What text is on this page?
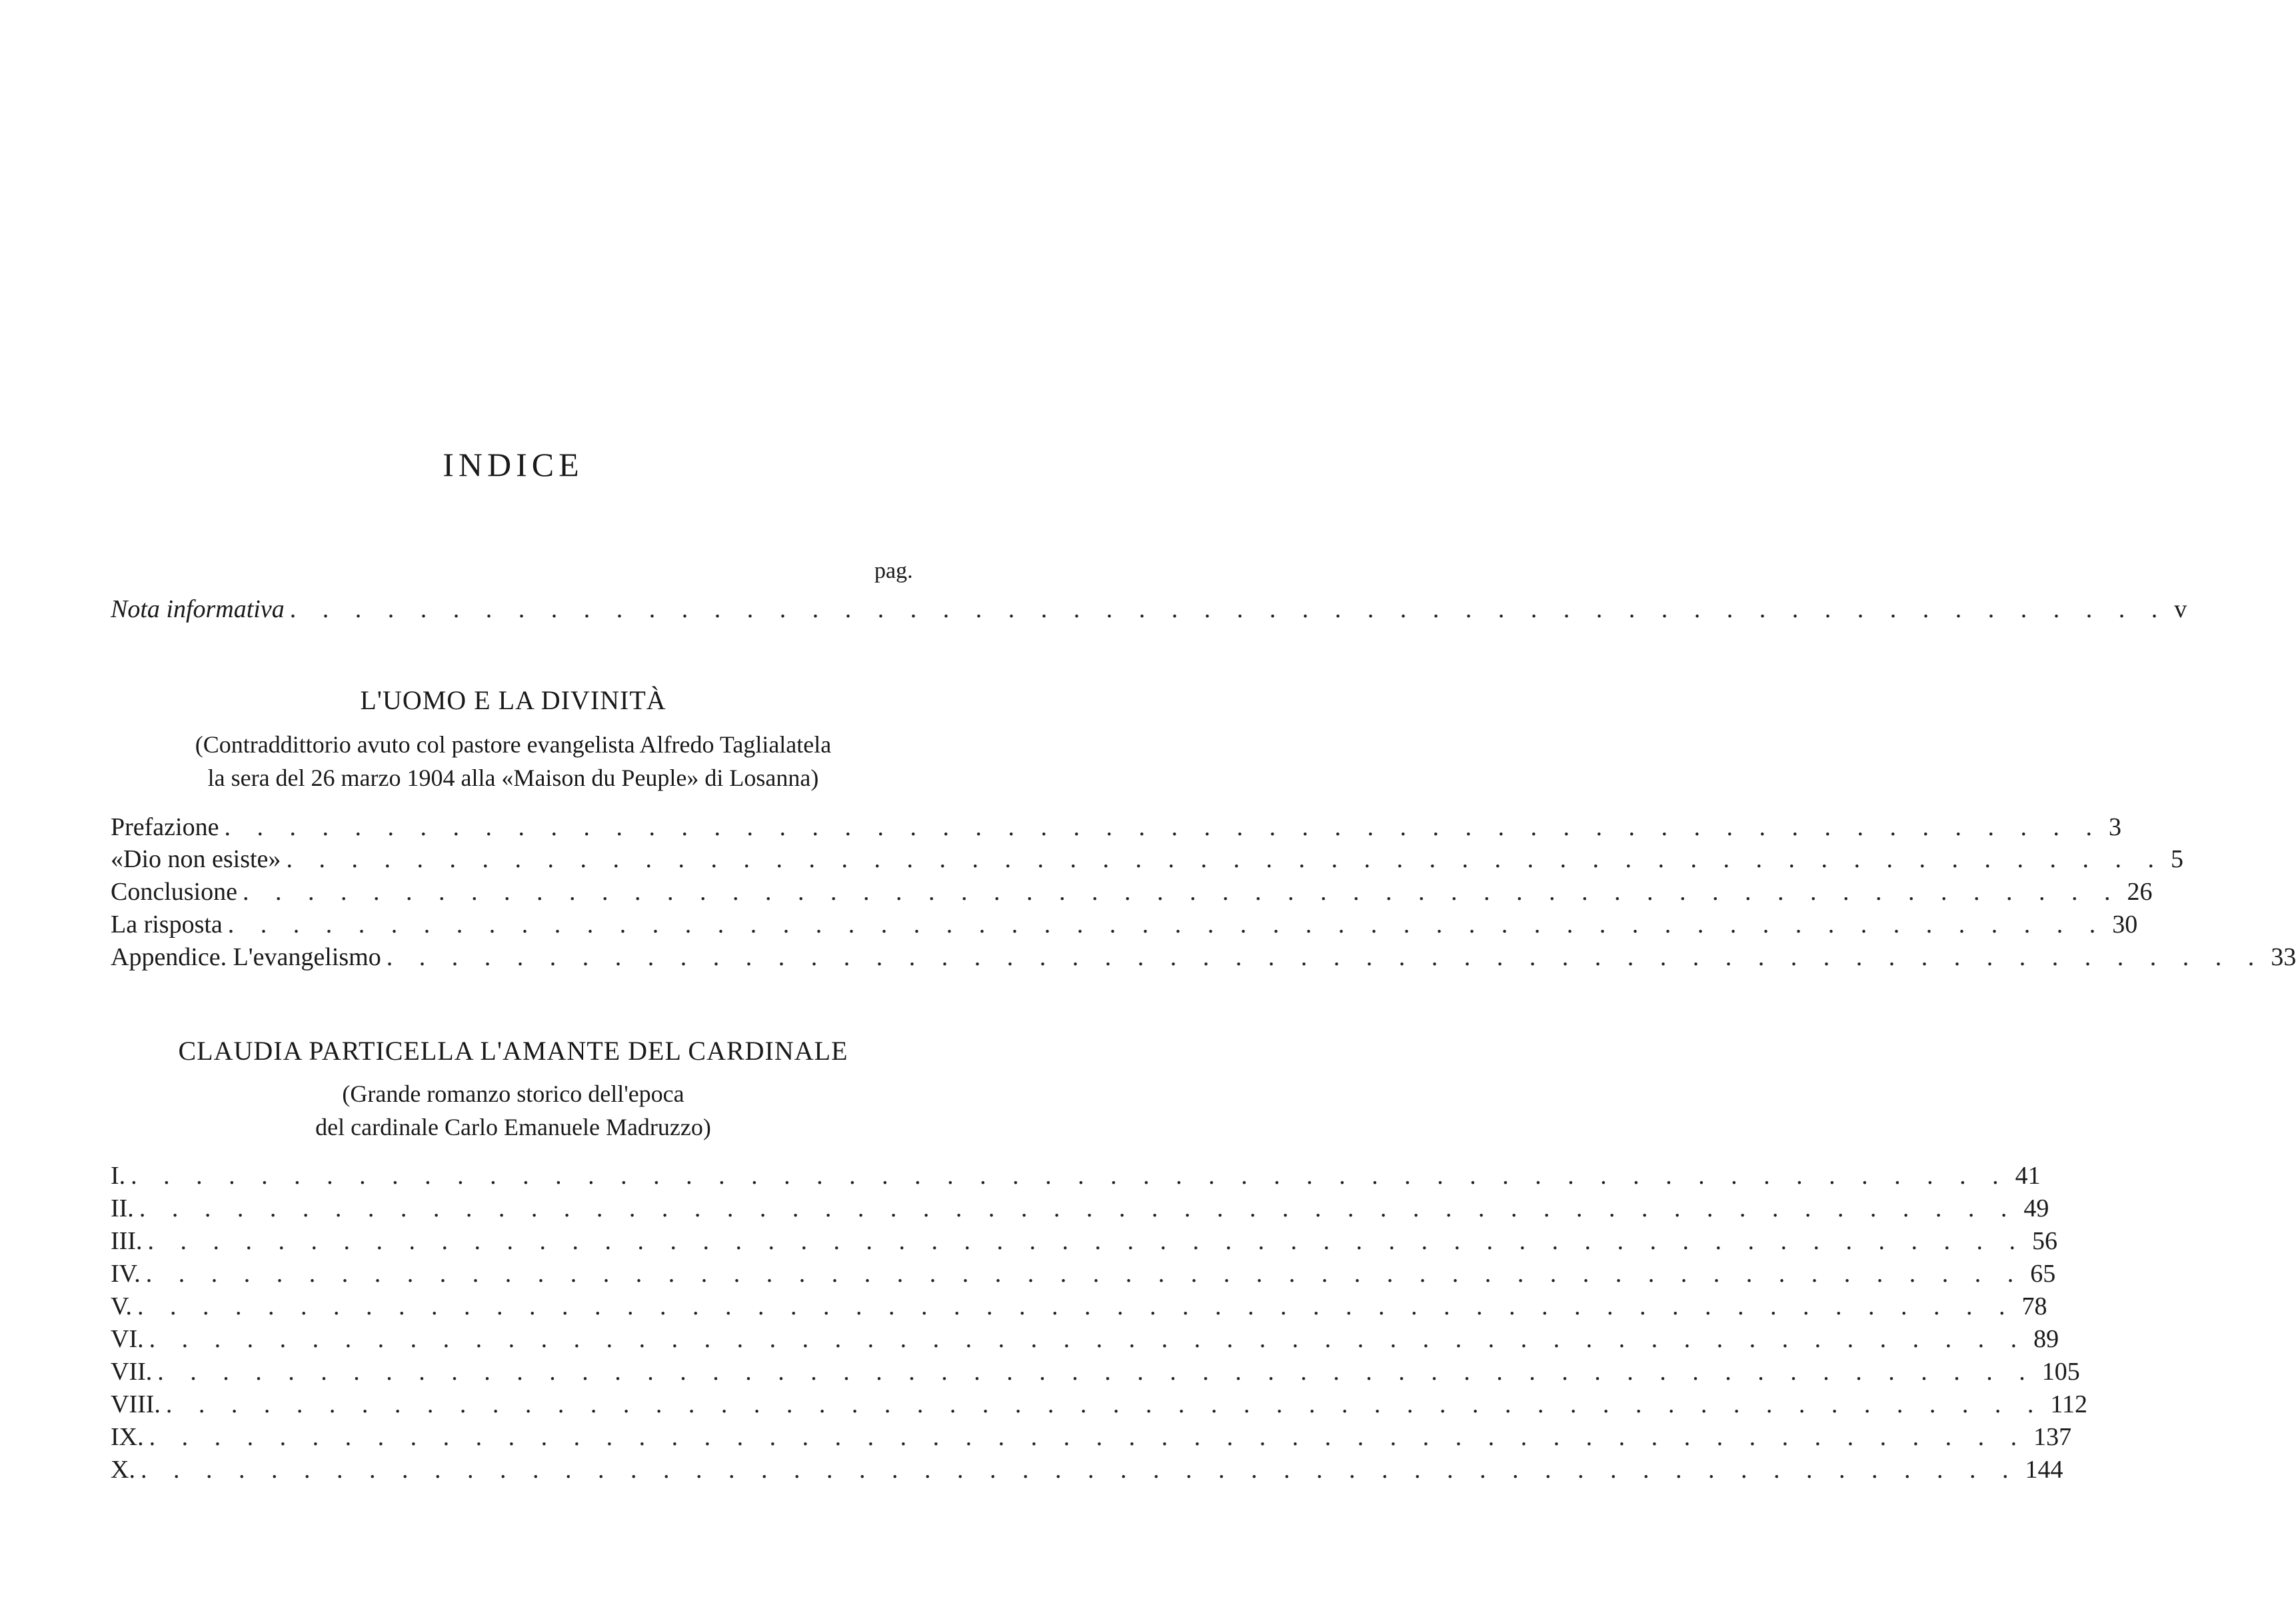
INDICE
pag.
Nota informativa . . . . . . . . . . . . . . . . . . . . . . . . . . . . . . . . . . . . . . . . . . . . . . . . . . . . . . . . . . v
L'UOMO E LA DIVINITÀ
(Contraddittorio avuto col pastore evangelista Alfredo Taglialatela
la sera del 26 marzo 1904 alla «Maison du Peuple» di Losanna)
Prefazione . . . . . . . . . . . . . . . . . . . . . . . . . . . . . . . . . . . . . . . . . . . . . . . . . . . . . . . . . . 3
«Dio non esiste» . . . . . . . . . . . . . . . . . . . . . . . . . . . . . . . . . . . . . . . . . . . . . . . . . . . . . . . . . . 5
Conclusione . . . . . . . . . . . . . . . . . . . . . . . . . . . . . . . . . . . . . . . . . . . . . . . . . . . . . . . . . . 26
La risposta . . . . . . . . . . . . . . . . . . . . . . . . . . . . . . . . . . . . . . . . . . . . . . . . . . . . . . . . . . 30
Appendice. L'evangelismo . . . . . . . . . . . . . . . . . . . . . . . . . . . . . . . . . . . . . . . . . . . . . . . . . . . . . . . . . . 33
CLAUDIA PARTICELLA L'AMANTE DEL CARDINALE
(Grande romanzo storico dell'epoca
del cardinale Carlo Emanuele Madruzzo)
I. . . . . . . . . . . . . . . . . . . . . . . . . . . . . . . . . . . . . . . . . . . . . . . . . . . . . . . . . . . 41
II. . . . . . . . . . . . . . . . . . . . . . . . . . . . . . . . . . . . . . . . . . . . . . . . . . . . . . . . . . . 49
III. . . . . . . . . . . . . . . . . . . . . . . . . . . . . . . . . . . . . . . . . . . . . . . . . . . . . . . . . . . 56
IV. . . . . . . . . . . . . . . . . . . . . . . . . . . . . . . . . . . . . . . . . . . . . . . . . . . . . . . . . . . 65
V. . . . . . . . . . . . . . . . . . . . . . . . . . . . . . . . . . . . . . . . . . . . . . . . . . . . . . . . . . . 78
VI. . . . . . . . . . . . . . . . . . . . . . . . . . . . . . . . . . . . . . . . . . . . . . . . . . . . . . . . . . . 89
VII. . . . . . . . . . . . . . . . . . . . . . . . . . . . . . . . . . . . . . . . . . . . . . . . . . . . . . . . . . . 105
VIII. . . . . . . . . . . . . . . . . . . . . . . . . . . . . . . . . . . . . . . . . . . . . . . . . . . . . . . . . . . 112
IX. . . . . . . . . . . . . . . . . . . . . . . . . . . . . . . . . . . . . . . . . . . . . . . . . . . . . . . . . . . 137
X. . . . . . . . . . . . . . . . . . . . . . . . . . . . . . . . . . . . . . . . . . . . . . . . . . . . . . . . . . . 144
